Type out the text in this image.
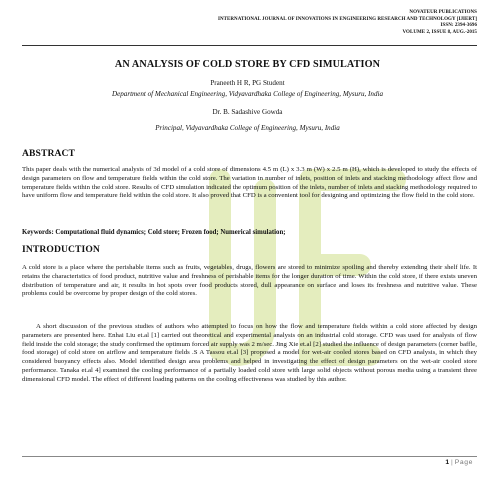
NOVATEUR PUBLICATIONS
INTERNATIONAL JOURNAL OF INNOVATIONS IN ENGINEERING RESEARCH AND TECHNOLOGY [IJIERT]
ISSN: 2394-3696
VOLUME 2, ISSUE 8, AUG.-2015
AN ANALYSIS OF COLD STORE BY CFD SIMULATION
Praneeth H R, PG Student
Department of Mechanical Engineering, Vidyavardhaka College of Engineering, Mysuru, India
Dr. B. Sadashive Gowda
Principal, Vidyavardhaka College of Engineering, Mysuru, India
ABSTRACT

This paper deals with the numerical analysis of 3d model of a cold store of dimensions 4.5 m (L) x 3.3 m (W) x 2.5 m (H), which is developed to study the effects of design parameters on flow and temperature fields within the cold store. The variation in number of inlets, position of inlets and stacking methodology affect flow and temperature fields within the cold store. Results of CFD simulation indicated the optimum position of the inlets, number of inlets and stacking methodology required to have uniform flow and temperature field within the cold store. It also proved that CFD is a convenient tool for designing and optimizing the flow field in the cold store.

Keywords: Computational fluid dynamics; Cold store; Frozen food; Numerical simulation;
INTRODUCTION

A cold store is a place where the perishable items such as fruits, vegetables, drugs, flowers are stored to minimize spoiling and thereby extending their shelf life. It retains the characteristics of food product, nutritive value and freshness of perishable items for the longer duration of time. Within the cold store, if there exists uneven distribution of temperature and air, it results in hot spots over food products stored, dull appearance on surface and loses its freshness and nutritive value. These problems could be overcome by proper design of the cold stores.

A short discussion of the previous studies of authors who attempted to focus on how the flow and temperature fields within a cold store affected by design parameters are presented here. Enhai Liu et.al [1] carried out theoretical and experimental analysis on an industrial cold storage. CFD was used for analysis of flow field inside the cold storage; the study confirmed the optimum forced air supply was 2 m/sec. Jing Xie et.al [2] studied the influence of design parameters (corner baffle, food storage) of cold store on airflow and temperature fields .S A Tassou et.al [3] proposed a model for wet-air cooled stores based on CFD analysis, in which they considered buoyancy effects also. Model identified design area problems and helped in investigating the effect of design parameters on the wet-air cooled store performance. Tanaka et.al 4] examined the cooling performance of a partially loaded cold store with large solid objects without porous media using a transient three dimensional CFD model. The effect of different loading patterns on the cooling effectiveness was studied by this author.

1 | Page
